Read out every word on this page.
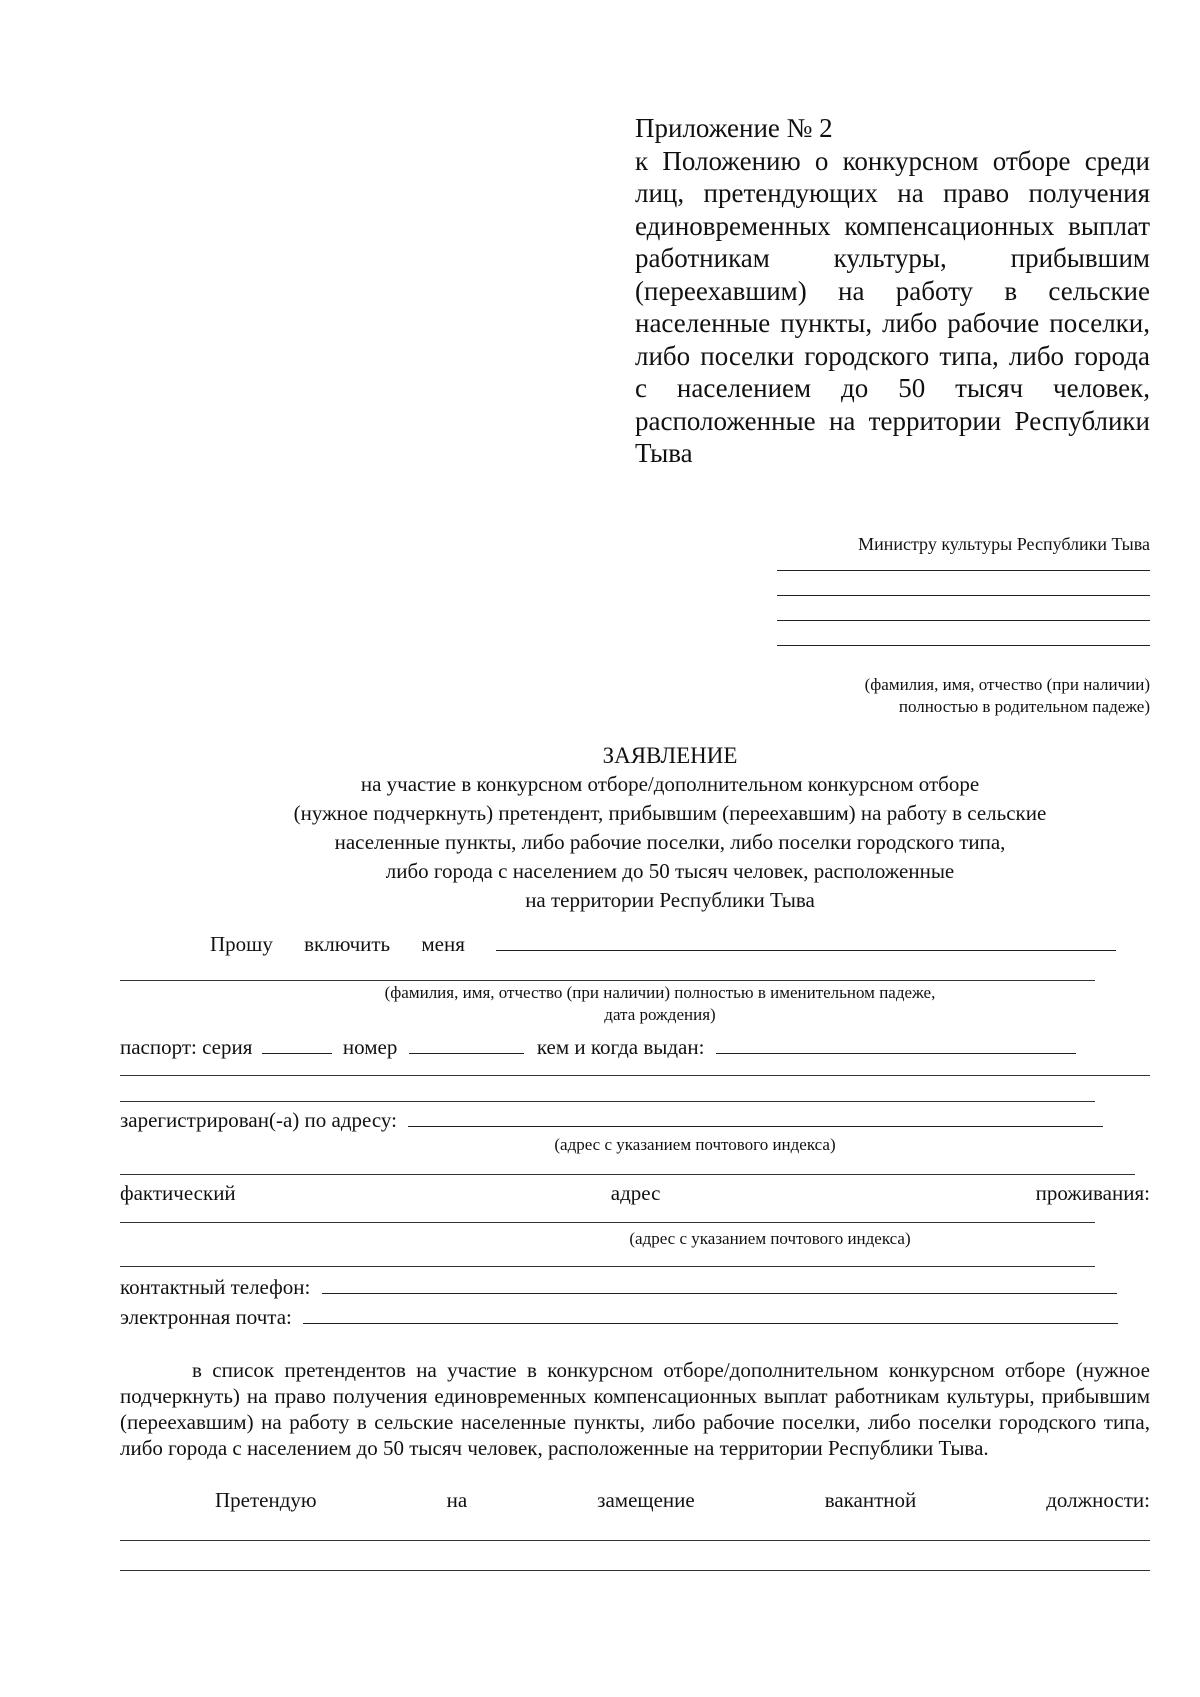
Приложение № 2
к Положению о конкурсном отборе среди лиц, претендующих на право получения единовременных компенсационных выплат работникам культуры, прибывшим (переехавшим) на работу в сельские населенные пункты, либо рабочие поселки, либо поселки городского типа, либо города с населением до 50 тысяч человек, расположенные на территории Республики Тыва
Министру культуры Республики Тыва
(фамилия, имя, отчество (при наличии)
полностью в родительном падеже)
ЗАЯВЛЕНИЕ
на участие в конкурсном отборе/дополнительном конкурсном отборе
(нужное подчеркнуть) претендент, прибывшим (переехавшим) на работу в сельские
населенные пункты, либо рабочие поселки, либо поселки городского типа,
либо города с населением до 50 тысяч человек, расположенные
на территории Республики Тыва
Прошу включить меня
(фамилия, имя, отчество (при наличии) полностью в именительном падеже,
дата рождения)
паспорт: серия	номер	кем и когда выдан:
зарегистрирован(-а) по адресу:
(адрес с указанием почтового индекса)
фактический	адрес	проживания:
(адрес с указанием почтового индекса)
контактный телефон:
электронная почта:
в список претендентов на участие в конкурсном отборе/дополнительном конкурсном отборе (нужное подчеркнуть) на право получения единовременных компенсационных выплат работникам культуры, прибывшим (переехавшим) на работу в сельские населенные пункты, либо рабочие поселки, либо поселки городского типа, либо города с населением до 50 тысяч человек, расположенные на территории Республики Тыва.
Претендую	на	замещение	вакантной	должности:
